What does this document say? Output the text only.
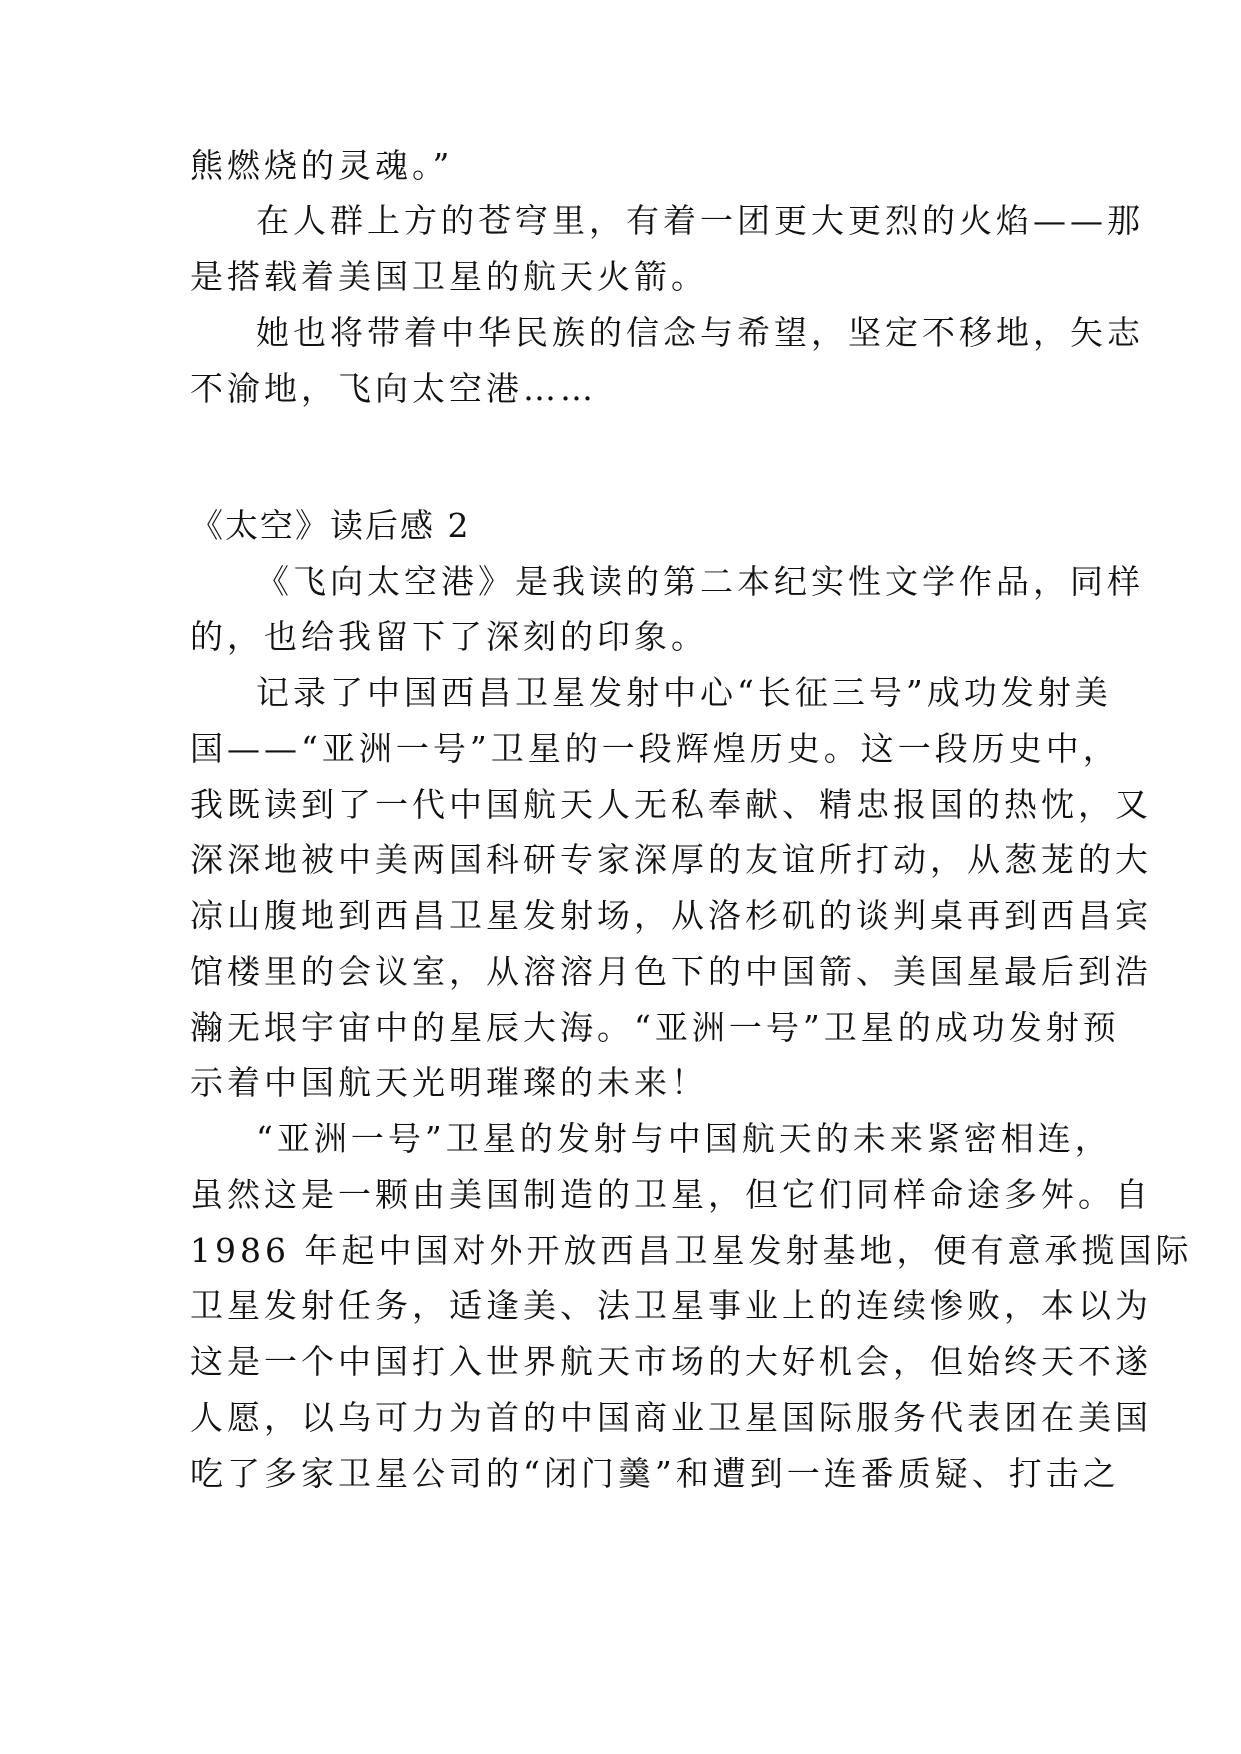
熊燃烧的灵魂。”
在人群上方的苍穹里，有着一团更大更烈的火焰——那
是搭载着美国卫星的航天火箭。
她也将带着中华民族的信念与希望，坚定不移地，矢志
不渝地，飞向太空港……
《太空》读后感 2
《飞向太空港》是我读的第二本纪实性文学作品，同样
的，也给我留下了深刻的印象。
记录了中国西昌卫星发射中心“长征三号”成功发射美
国——“亚洲一号”卫星的一段辉煌历史。这一段历史中，
我既读到了一代中国航天人无私奉献、精忠报国的热忱，又
深深地被中美两国科研专家深厚的友谊所打动，从葱茏的大
凉山腹地到西昌卫星发射场，从洛杉矶的谈判桌再到西昌宾
馆楼里的会议室，从溶溶月色下的中国箭、美国星最后到浩
瀚无垠宇宙中的星辰大海。“亚洲一号”卫星的成功发射预
示着中国航天光明璀璨的未来！
“亚洲一号”卫星的发射与中国航天的未来紧密相连，
虽然这是一颗由美国制造的卫星，但它们同样命途多舛。自
1986 年起中国对外开放西昌卫星发射基地，便有意承揽国际
卫星发射任务，适逢美、法卫星事业上的连续惨败，本以为
这是一个中国打入世界航天市场的大好机会，但始终天不遂
人愿，以乌可力为首的中国商业卫星国际服务代表团在美国
吃了多家卫星公司的“闭门羹”和遭到一连番质疑、打击之
